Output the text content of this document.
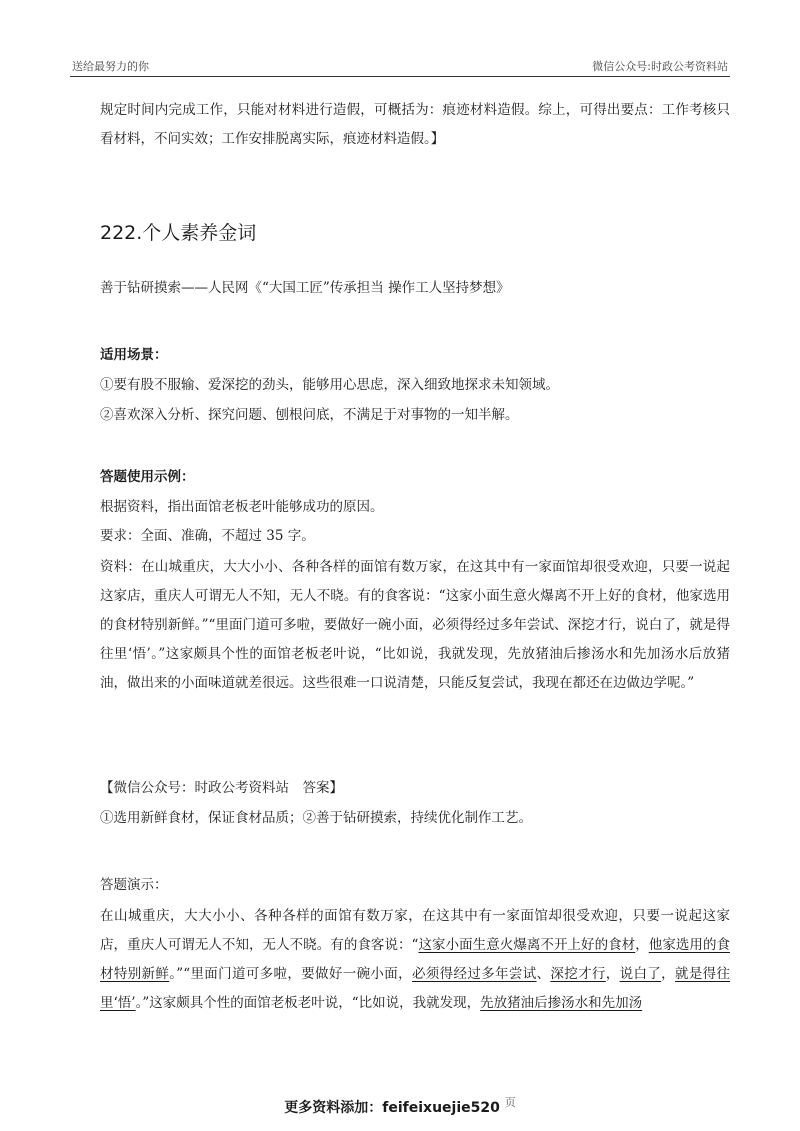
送给最努力的你	微信公众号:时政公考资料站
规定时间内完成工作，只能对材料进行造假，可概括为：痕迹材料造假。综上，可得出要点：工作考核只看材料，不问实效；工作安排脱离实际，痕迹材料造假。】
222.个人素养金词
善于钻研摸索——人民网《“大国工匠”传承担当 操作工人坚持梦想》
适用场景：
①要有股不服输、爱深挖的劲头，能够用心思虑，深入细致地探求未知领域。
②喜欢深入分析、探究问题、刨根问底，不满足于对事物的一知半解。
答题使用示例：
根据资料，指出面馆老板老叶能够成功的原因。
要求：全面、准确，不超过 35 字。
资料：在山城重庆，大大小小、各种各样的面馆有数万家，在这其中有一家面馆却很受欢迎，只要一说起这家店，重庆人可谓无人不知，无人不晓。有的食客说：“这家小面生意火爆离不开上好的食材，他家选用的食材特别新鲜。”“里面门道可多啦，要做好一碗小面，必须得经过多年尝试、深挖才行，说白了，就是得往里‘悟’。”这家颇具个性的面馆老板老叶说，“比如说，我就发现，先放猪油后掺汤水和先加汤水后放猪油，做出来的小面味道就差很远。这些很难一口说清楚，只能反复尝试，我现在都还在边做边学呢。”
【微信公众号：时政公考资料站　答案】
①选用新鲜食材，保证食材品质；②善于钻研摸索，持续优化制作工艺。
答题演示：
在山城重庆，大大小小、各种各样的面馆有数万家，在这其中有一家面馆却很受欢迎，只要一说起这家店，重庆人可谓无人不知，无人不晓。有的食客说：“这家小面生意火爆离不开上好的食材，他家选用的食材特别新鲜。”“里面门道可多啦，要做好一碗小面，必须得经过多年尝试、深挖才行，说白了，就是得往里‘悟’。”这家颇具个性的面馆老板老叶说，“比如说，我就发现，先放猪油后掺汤水和先加汤
更多资料添加：feifeixuejie520 $^页$
